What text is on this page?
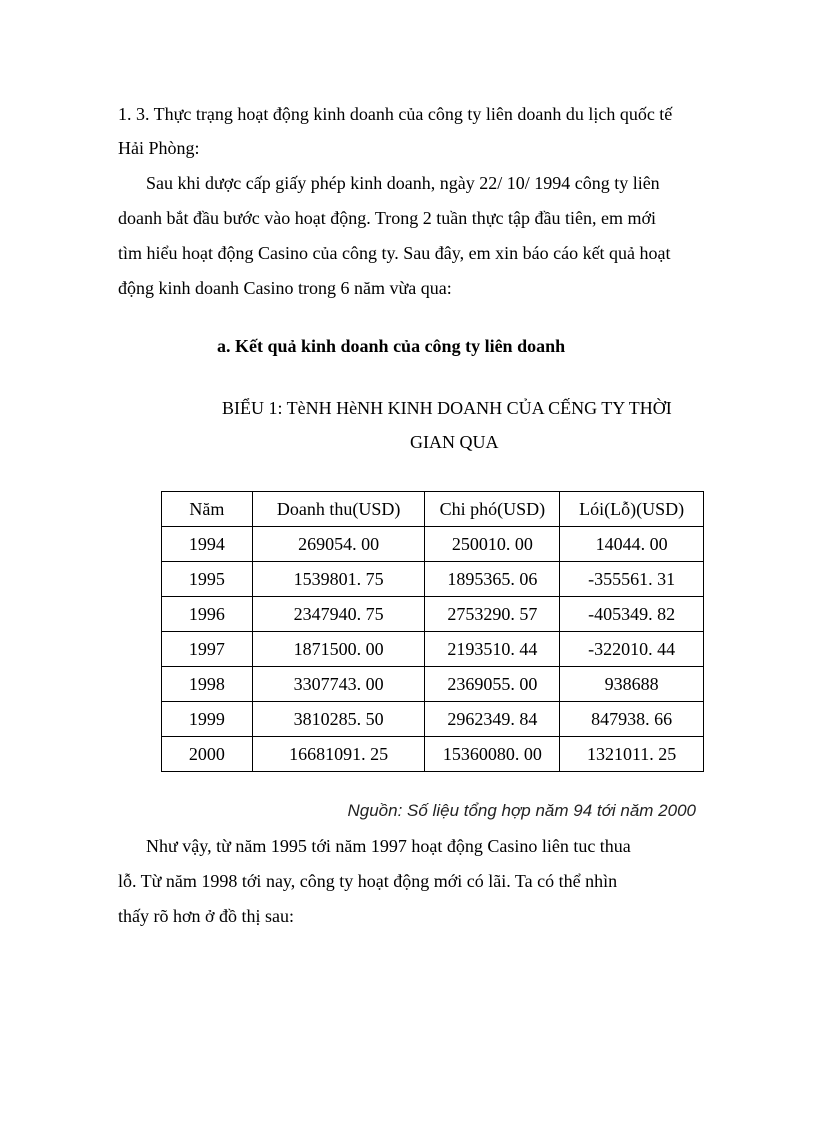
1. 3. Thực trạng hoạt động kinh doanh của công ty liên doanh du lịch quốc tế
Hải Phòng:
Sau khi dược cấp giấy phép kinh doanh, ngày 22/ 10/ 1994 công ty liên
doanh bắt đầu bước vào hoạt động. Trong 2 tuần thực tập đầu tiên, em mới
tìm hiểu hoạt động Casino của công ty. Sau đây, em xin báo cáo kết quả hoạt
động kinh doanh Casino trong 6 năm vừa qua:
a. Kết quả kinh doanh của công ty liên doanh
BIỂU 1: TèNH HèNH KINH DOANH CỦA CẾNG TY THỜI
GIAN QUA
Năm	Doanh thu(USD)	Chi phó(USD)	Lói(Lỗ)(USD)
1994	269054. 00	250010. 00	14044. 00
1995	1539801. 75	1895365. 06	-355561. 31
1996	2347940. 75	2753290. 57	-405349. 82
1997	1871500. 00	2193510. 44	-322010. 44
1998	3307743. 00	2369055. 00	938688
1999	3810285. 50	2962349. 84	847938. 66
2000	16681091. 25	15360080. 00	1321011. 25
Nguồn: Số liệu tổng hợp năm 94 tới năm 2000
Như vậy, từ năm 1995 tới năm 1997 hoạt động Casino liên tuc thua
lỗ. Từ năm 1998 tới nay, công ty hoạt động mới có lãi. Ta có thể nhìn
thấy rõ hơn ở đồ thị sau:
